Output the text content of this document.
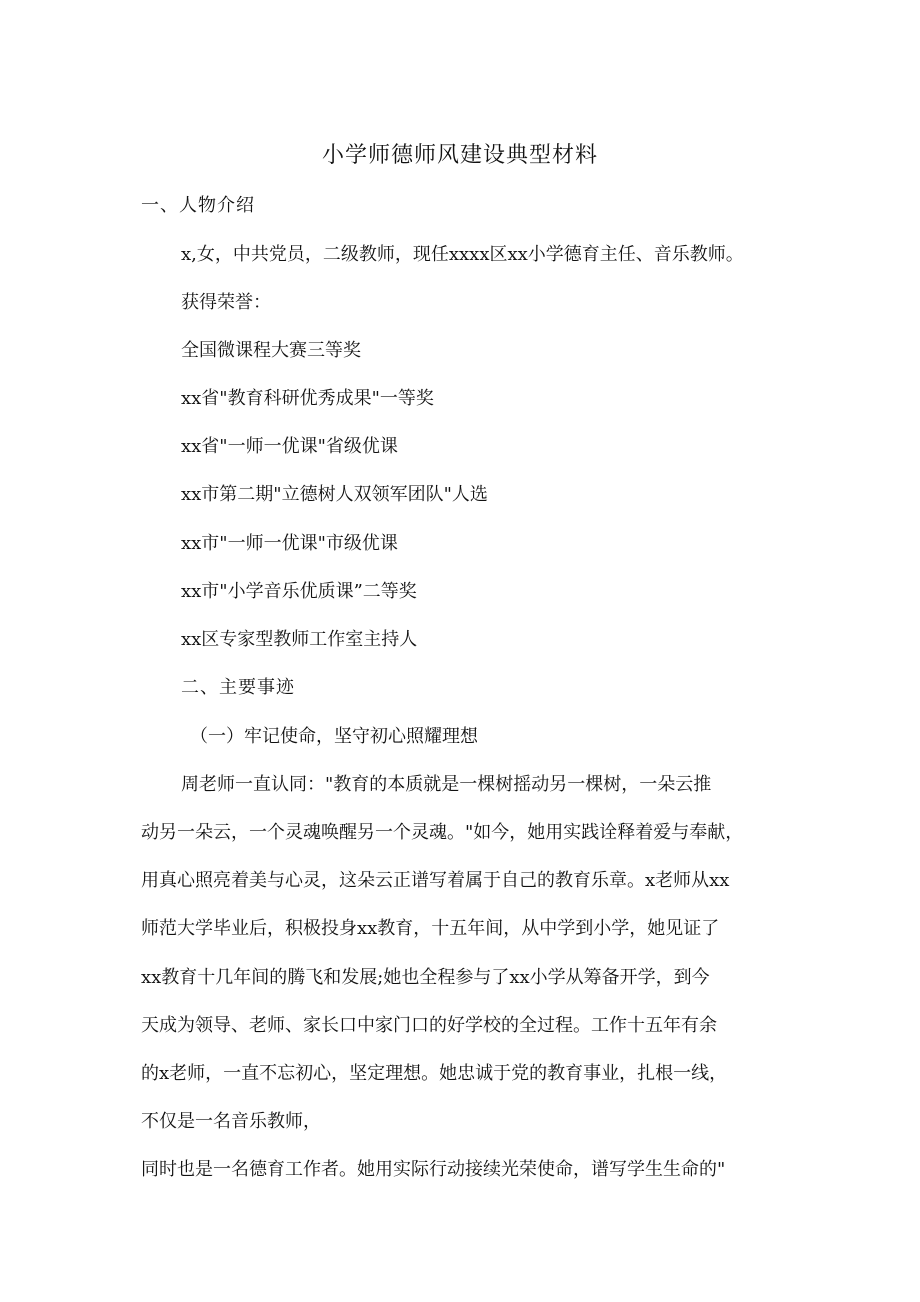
小学师德师风建设典型材料
一、人物介绍
x,女，中共党员，二级教师，现任xxxx区xx小学德育主任、音乐教师。
获得荣誉：
全国微课程大赛三等奖
xx省"教育科研优秀成果"一等奖
xx省"一师一优课"省级优课
xx市第二期"立德树人双领军团队"人选
xx市"一师一优课"市级优课
xx市"小学音乐优质课”二等奖
xx区专家型教师工作室主持人
二、主要事迹
（一）牢记使命，坚守初心照耀理想
周老师一直认同："教育的本质就是一棵树摇动另一棵树，一朵云推
动另一朵云，一个灵魂唤醒另一个灵魂。"如今，她用实践诠释着爱与奉献，
用真心照亮着美与心灵，这朵云正谱写着属于自己的教育乐章。x老师从xx
师范大学毕业后，积极投身xx教育，十五年间，从中学到小学，她见证了
xx教育十几年间的腾飞和发展;她也全程参与了xx小学从筹备开学，到今
天成为领导、老师、家长口中家门口的好学校的全过程。工作十五年有余
的x老师，一直不忘初心，坚定理想。她忠诚于党的教育事业，扎根一线，
不仅是一名音乐教师，
同时也是一名德育工作者。她用实际行动接续光荣使命，谱写学生生命的"
